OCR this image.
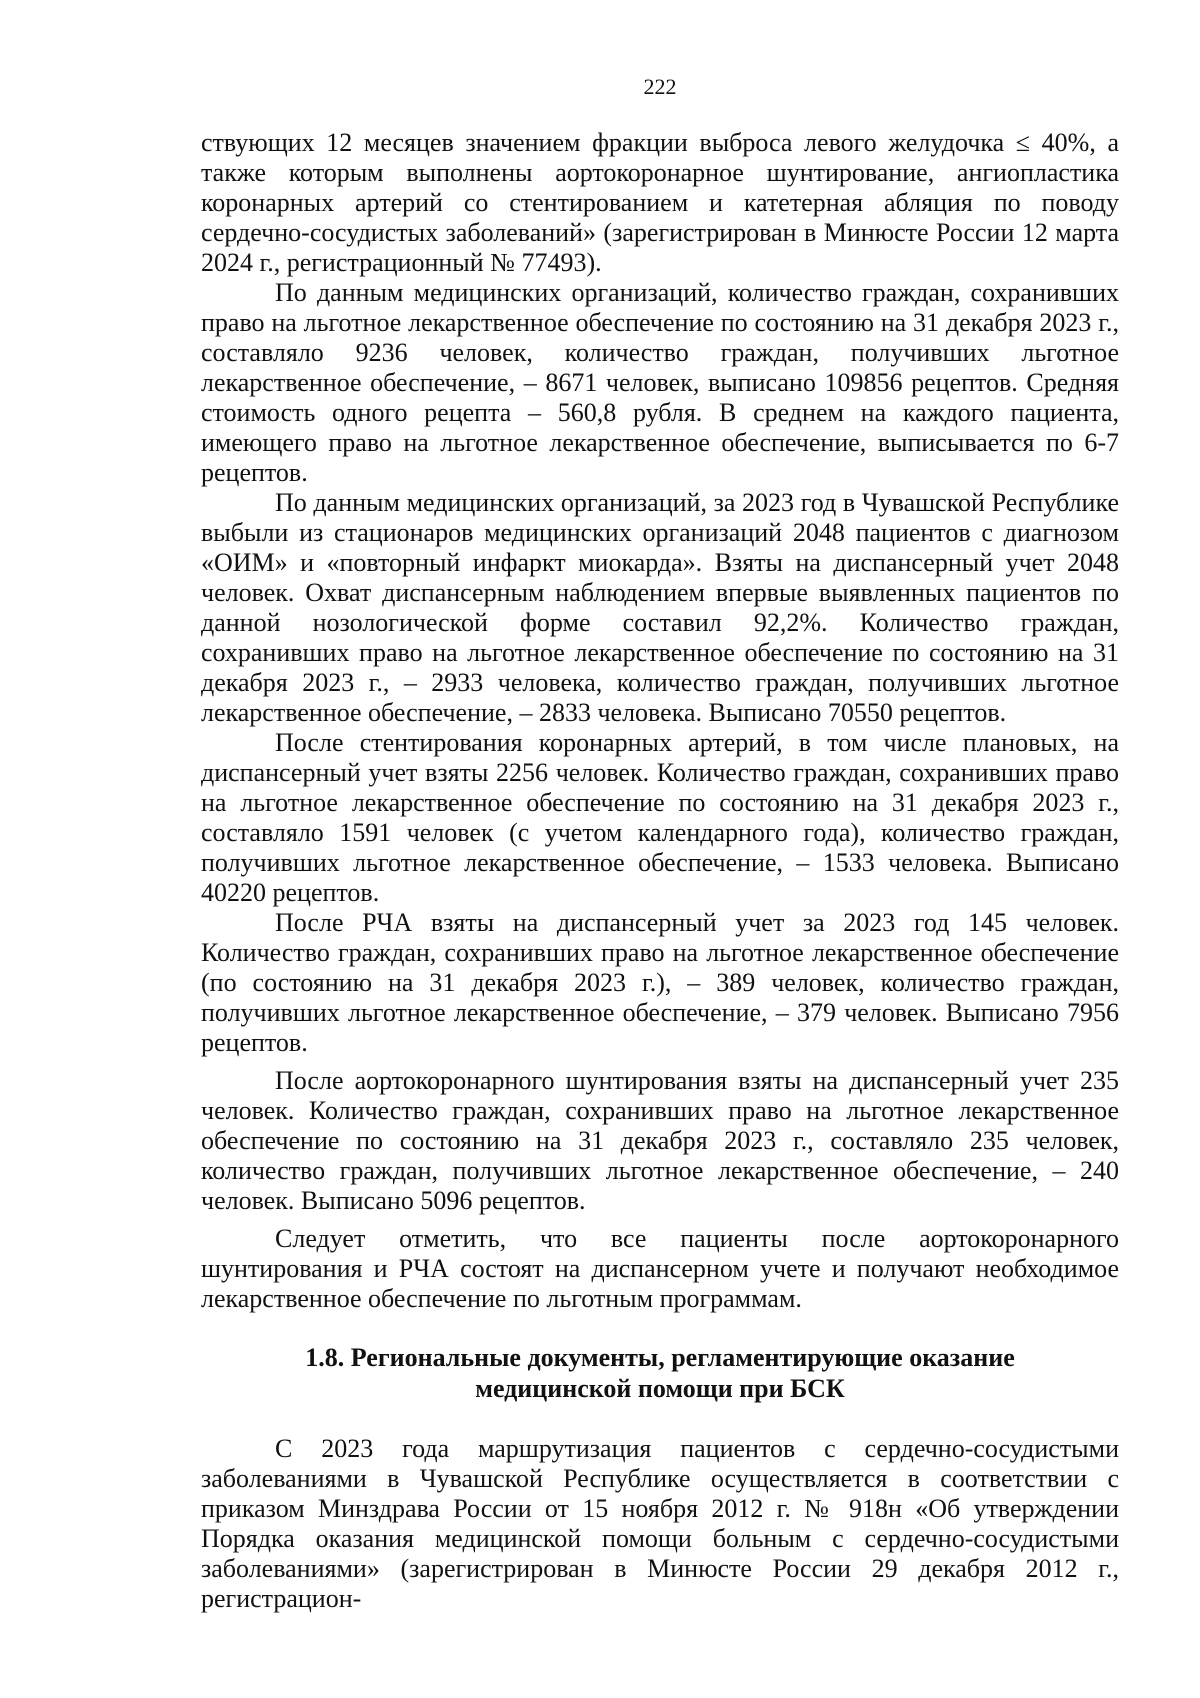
222

ствующих 12 месяцев значением фракции выброса левого желудочка ≤ 40%, а также которым выполнены аортокоронарное шунтирование, ангиопластика коронарных артерий со стентированием и катетерная абляция по поводу сердечно-сосудистых заболеваний» (зарегистрирован в Минюсте России 12 марта 2024 г., регистрационный № 77493).

По данным медицинских организаций, количество граждан, сохранивших право на льготное лекарственное обеспечение по состоянию на 31 декабря 2023 г., составляло 9236 человек, количество граждан, получивших льготное лекарственное обеспечение, – 8671 человек, выписано 109856 рецептов. Средняя стоимость одного рецепта – 560,8 рубля. В среднем на каждого пациента, имеющего право на льготное лекарственное обеспечение, выписывается по 6-7 рецептов.

По данным медицинских организаций, за 2023 год в Чувашской Республике выбыли из стационаров медицинских организаций 2048 пациентов с диагнозом «ОИМ» и «повторный инфаркт миокарда». Взяты на диспансерный учет 2048 человек. Охват диспансерным наблюдением впервые выявленных пациентов по данной нозологической форме составил 92,2%. Количество граждан, сохранивших право на льготное лекарственное обеспечение по состоянию на 31 декабря 2023 г., – 2933 человека, количество граждан, получивших льготное лекарственное обеспечение, – 2833 человека. Выписано 70550 рецептов.

После стентирования коронарных артерий, в том числе плановых, на диспансерный учет взяты 2256 человек. Количество граждан, сохранивших право на льготное лекарственное обеспечение по состоянию на 31 декабря 2023 г., составляло 1591 человек (с учетом календарного года), количество граждан, получивших льготное лекарственное обеспечение, – 1533 человека. Выписано 40220 рецептов.

После РЧА взяты на диспансерный учет за 2023 год 145 человек. Количество граждан, сохранивших право на льготное лекарственное обеспечение (по состоянию на 31 декабря 2023 г.), – 389 человек, количество граждан, получивших льготное лекарственное обеспечение, – 379 человек. Выписано 7956 рецептов.

После аортокоронарного шунтирования взяты на диспансерный учет 235 человек. Количество граждан, сохранивших право на льготное лекарственное обеспечение по состоянию на 31 декабря 2023 г., составляло 235 человек, количество граждан, получивших льготное лекарственное обеспечение, – 240 человек. Выписано 5096 рецептов.

Следует отметить, что все пациенты после аортокоронарного шунтирования и РЧА состоят на диспансерном учете и получают необходимое лекарственное обеспечение по льготным программам.

1.8. Региональные документы, регламентирующие оказание
медицинской помощи при БСК

С 2023 года маршрутизация пациентов с сердечно-сосудистыми заболеваниями в Чувашской Республике осуществляется в соответствии с приказом Минздрава России от 15 ноября 2012 г. № 918н «Об утверждении Порядка оказания медицинской помощи больным с сердечно-сосудистыми заболеваниями» (зарегистрирован в Минюсте России 29 декабря 2012 г., регистрацион-
